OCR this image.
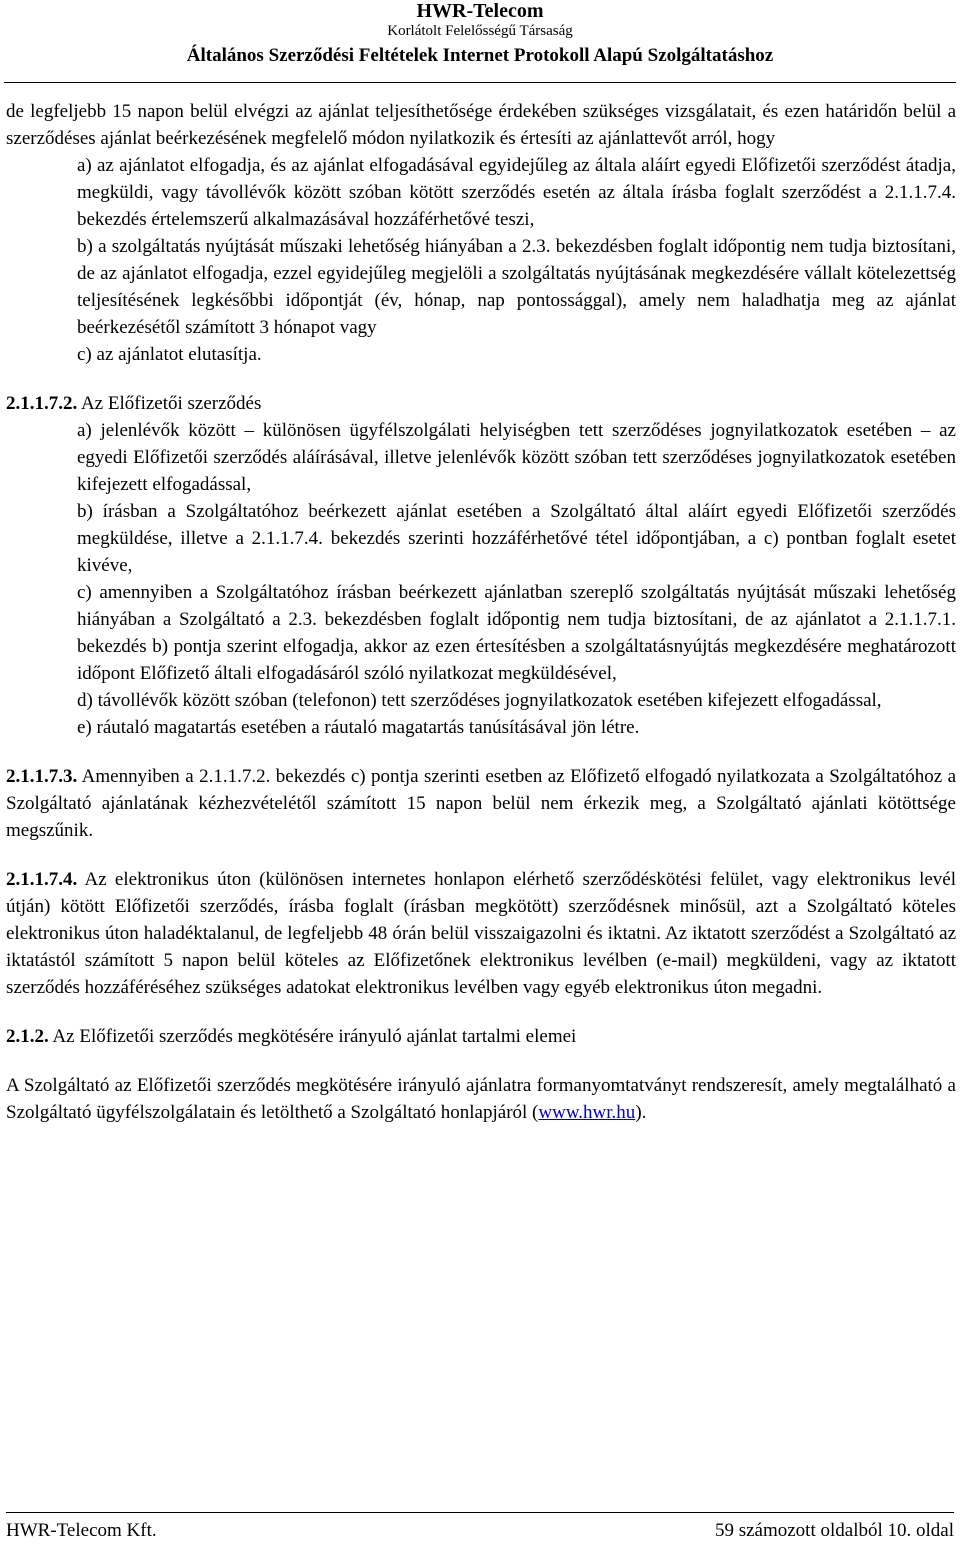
HWR-Telecom
Korlátolt Felelősségű Társaság
Általános Szerződési Feltételek Internet Protokoll Alapú Szolgáltatáshoz

de legfeljebb 15 napon belül elvégzi az ajánlat teljesíthetősége érdekében szükséges vizsgálatait, és ezen határidőn belül a szerződéses ajánlat beérkezésének megfelelő módon nyilatkozik és értesíti az ajánlattevőt arról, hogy

a) az ajánlatot elfogadja, és az ajánlat elfogadásával egyidejűleg az általa aláírt egyedi Előfizetői szerződést átadja, megküldi, vagy távollévők között szóban kötött szerződés esetén az általa írásba foglalt szerződést a 2.1.1.7.4. bekezdés értelemszerű alkalmazásával hozzáférhetővé teszi,

b) a szolgáltatás nyújtását műszaki lehetőség hiányában a 2.3. bekezdésben foglalt időpontig nem tudja biztosítani, de az ajánlatot elfogadja, ezzel egyidejűleg megjelöli a szolgáltatás nyújtásának megkezdésére vállalt kötelezettség teljesítésének legkésőbbi időpontját (év, hónap, nap pontossággal), amely nem haladhatja meg az ajánlat beérkezésétől számított 3 hónapot vagy

c) az ajánlatot elutasítja.

2.1.1.7.2. Az Előfizetői szerződés

a) jelenlévők között – különösen ügyfélszolgálati helyiségben tett szerződéses jognyilatkozatok esetében – az egyedi Előfizetői szerződés aláírásával, illetve jelenlévők között szóban tett szerződéses jognyilatkozatok esetében kifejezett elfogadással,

b) írásban a Szolgáltatóhoz beérkezett ajánlat esetében a Szolgáltató által aláírt egyedi Előfizetői szerződés megküldése, illetve a 2.1.1.7.4. bekezdés szerinti hozzáférhetővé tétel időpontjában, a c) pontban foglalt esetet kivéve,

c) amennyiben a Szolgáltatóhoz írásban beérkezett ajánlatban szereplő szolgáltatás nyújtását műszaki lehetőség hiányában a Szolgáltató a 2.3. bekezdésben foglalt időpontig nem tudja biztosítani, de az ajánlatot a 2.1.1.7.1. bekezdés b) pontja szerint elfogadja, akkor az ezen értesítésben a szolgáltatásnyújtás megkezdésére meghatározott időpont Előfizető általi elfogadásáról szóló nyilatkozat megküldésével,

d) távollévők között szóban (telefonon) tett szerződéses jognyilatkozatok esetében kifejezett elfogadással,

e) ráutaló magatartás esetében a ráutaló magatartás tanúsításával jön létre.

2.1.1.7.3. Amennyiben a 2.1.1.7.2. bekezdés c) pontja szerinti esetben az Előfizető elfogadó nyilatkozata a Szolgáltatóhoz a Szolgáltató ajánlatának kézhezvételétől számított 15 napon belül nem érkezik meg, a Szolgáltató ajánlati kötöttsége megszűnik.

2.1.1.7.4. Az elektronikus úton (különösen internetes honlapon elérhető szerződéskötési felület, vagy elektronikus levél útján) kötött Előfizetői szerződés, írásba foglalt (írásban megkötött) szerződésnek minősül, azt a Szolgáltató köteles elektronikus úton haladéktalanul, de legfeljebb 48 órán belül visszaigazolni és iktatni. Az iktatott szerződést a Szolgáltató az iktatástól számított 5 napon belül köteles az Előfizetőnek elektronikus levélben (e-mail) megküldeni, vagy az iktatott szerződés hozzáféréséhez szükséges adatokat elektronikus levélben vagy egyéb elektronikus úton megadni.

2.1.2. Az Előfizetői szerződés megkötésére irányuló ajánlat tartalmi elemei

A Szolgáltató az Előfizetői szerződés megkötésére irányuló ajánlatra formanyomtatványt rendszeresít, amely megtalálható a Szolgáltató ügyfélszolgálatain és letölthető a Szolgáltató honlapjáról (www.hwr.hu).

HWR-Telecom Kft.	59 számozott oldalból 10. oldal
